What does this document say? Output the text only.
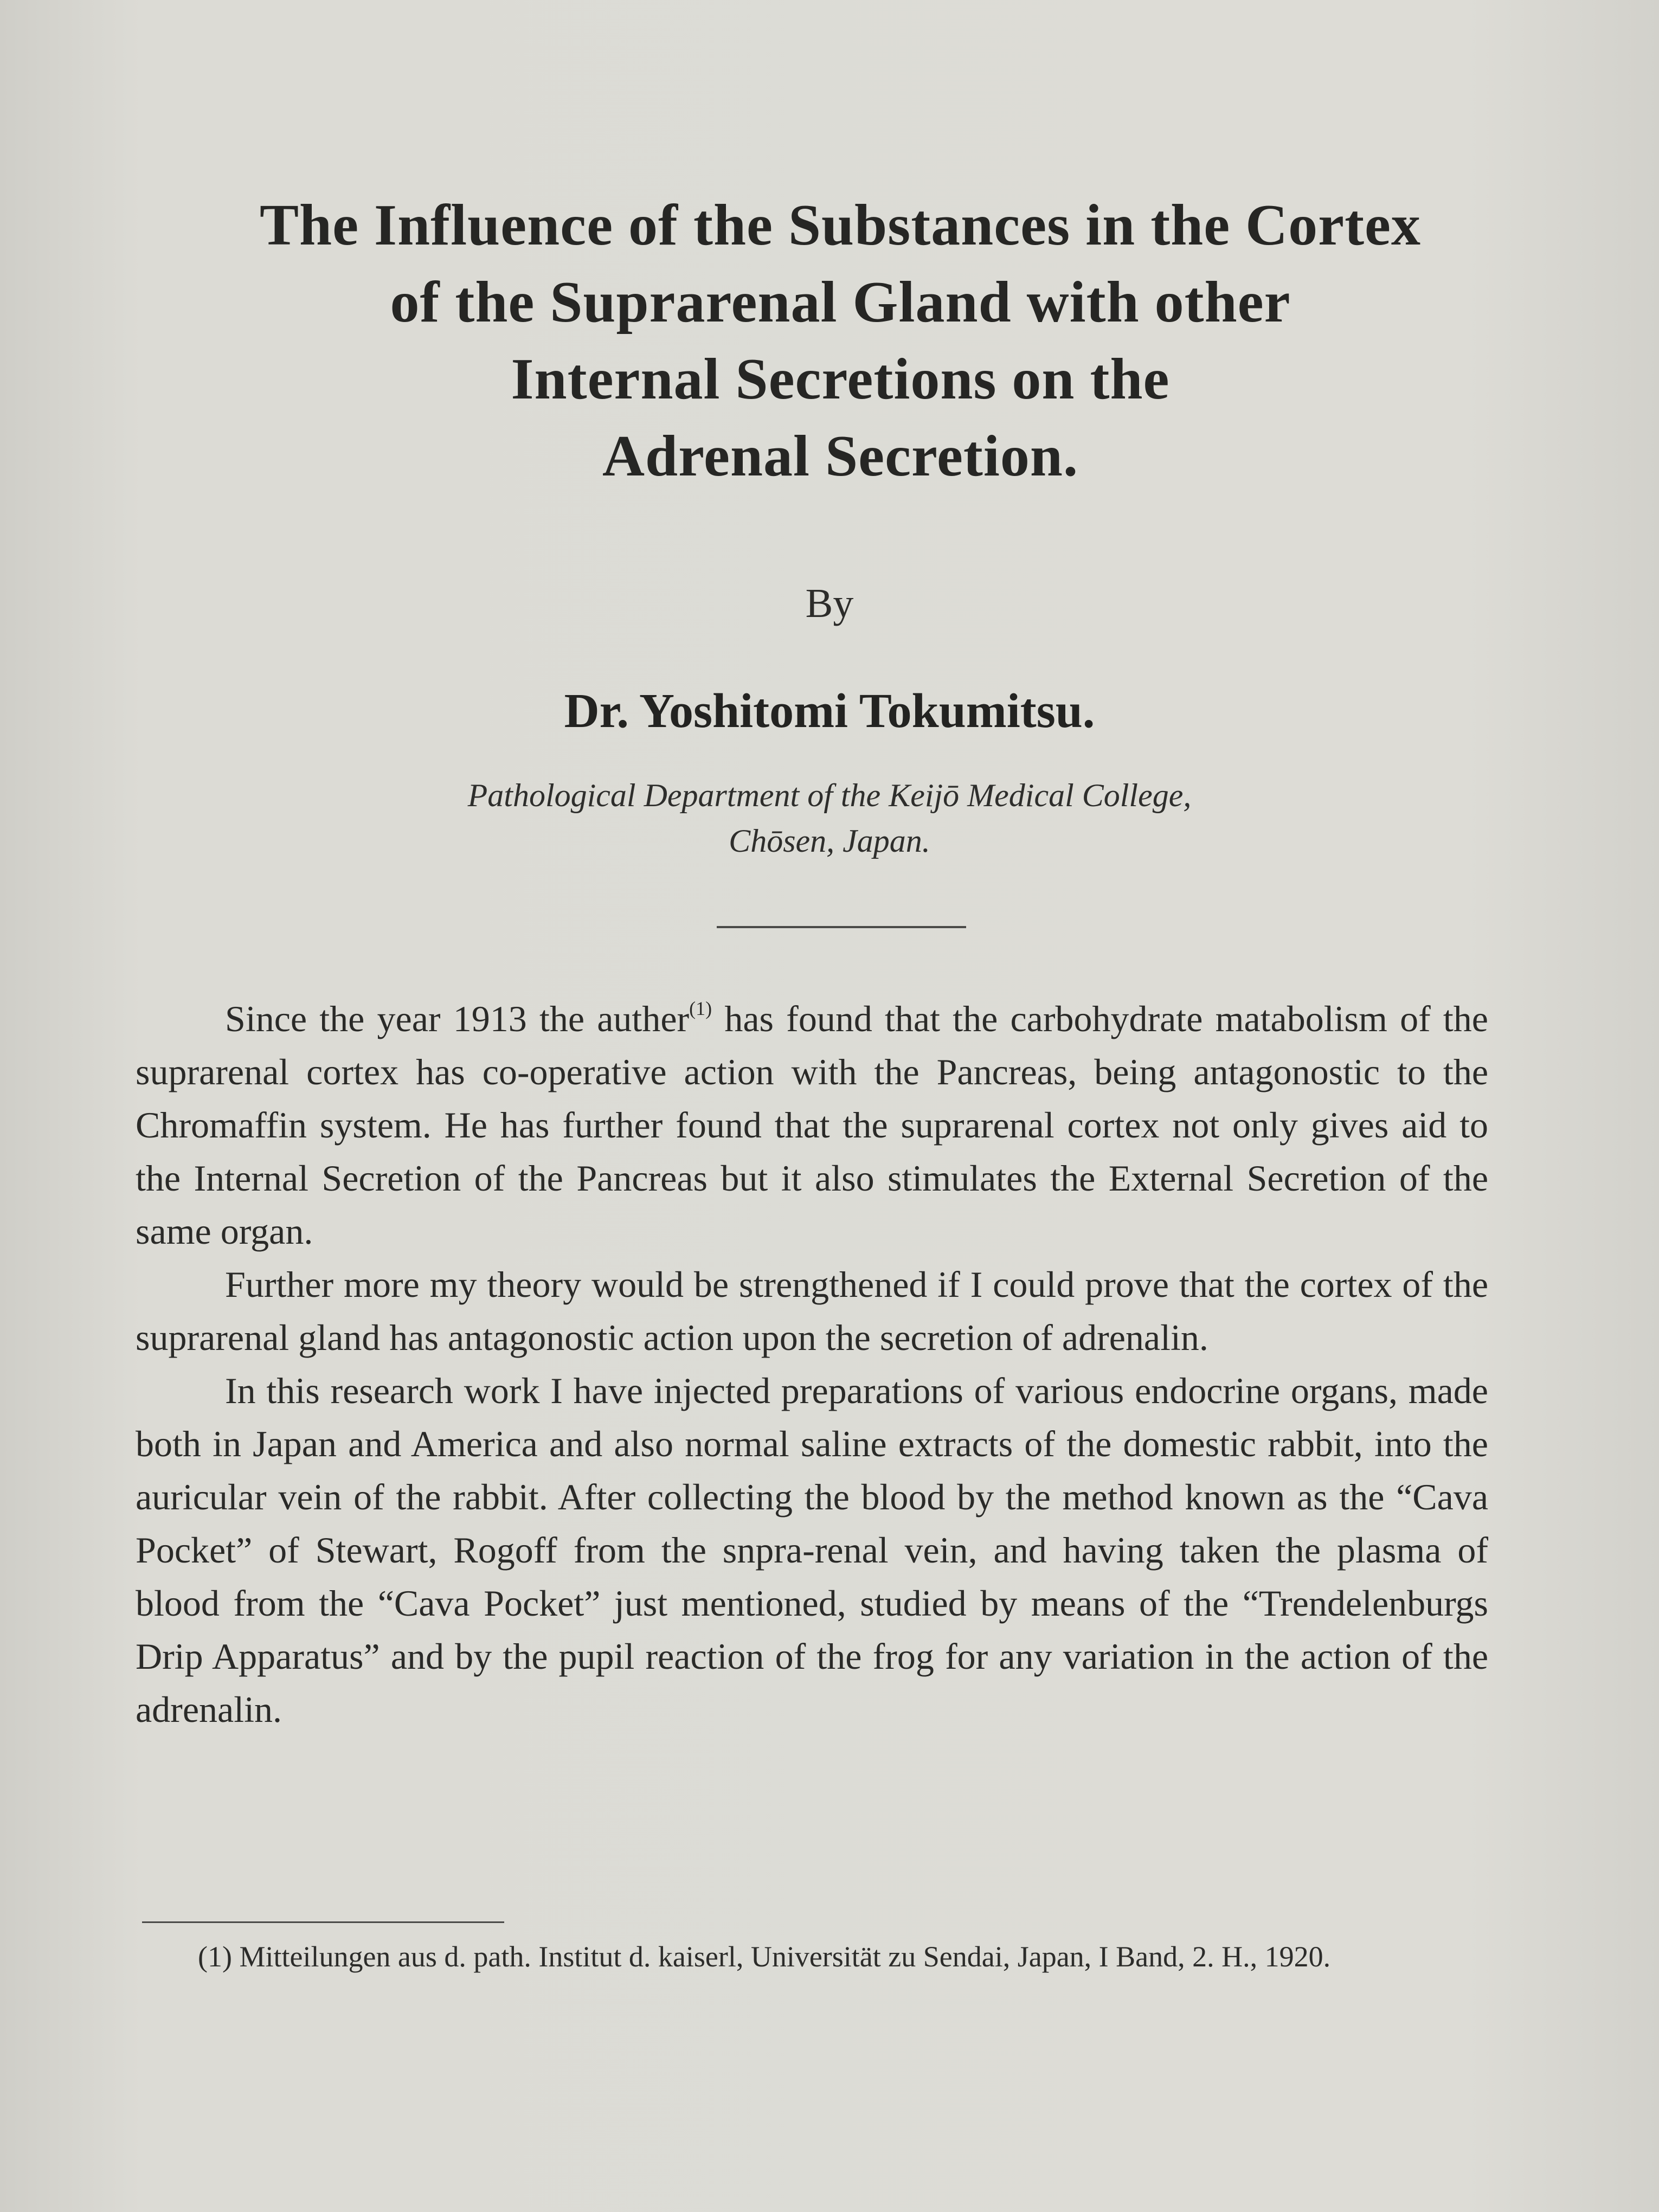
The Influence of the Substances in the Cortex
of the Suprarenal Gland with other
Internal Secretions on the
Adrenal Secretion.
By
Dr. Yoshitomi Tokumitsu.
Pathological Department of the Keijō Medical College,
Chōsen, Japan.

Since the year 1913 the auther$^{(1)}$ has found that the carbohydrate matabolism of the suprarenal cortex has co-operative action with the Pancreas, being antagonostic to the Chromaffin system. He has further found that the suprarenal cortex not only gives aid to the Internal Secretion of the Pancreas but it also stimulates the External Secretion of the same organ.

Further more my theory would be strengthened if I could prove that the cortex of the suprarenal gland has antagonostic action upon the secretion of adrenalin.

In this research work I have injected preparations of various endocrine organs, made both in Japan and America and also normal saline extracts of the domestic rabbit, into the auricular vein of the rabbit. After collecting the blood by the method known as the “Cava Pocket” of Stewart, Rogoff from the snpra-renal vein, and having taken the plasma of blood from the “Cava Pocket” just mentioned, studied by means of the “Trendelenburgs Drip Apparatus” and by the pupil reaction of the frog for any variation in the action of the adrenalin.

(1) Mitteilungen aus d. path. Institut d. kaiserl, Universität zu Sendai, Japan, I Band, 2. H., 1920.
